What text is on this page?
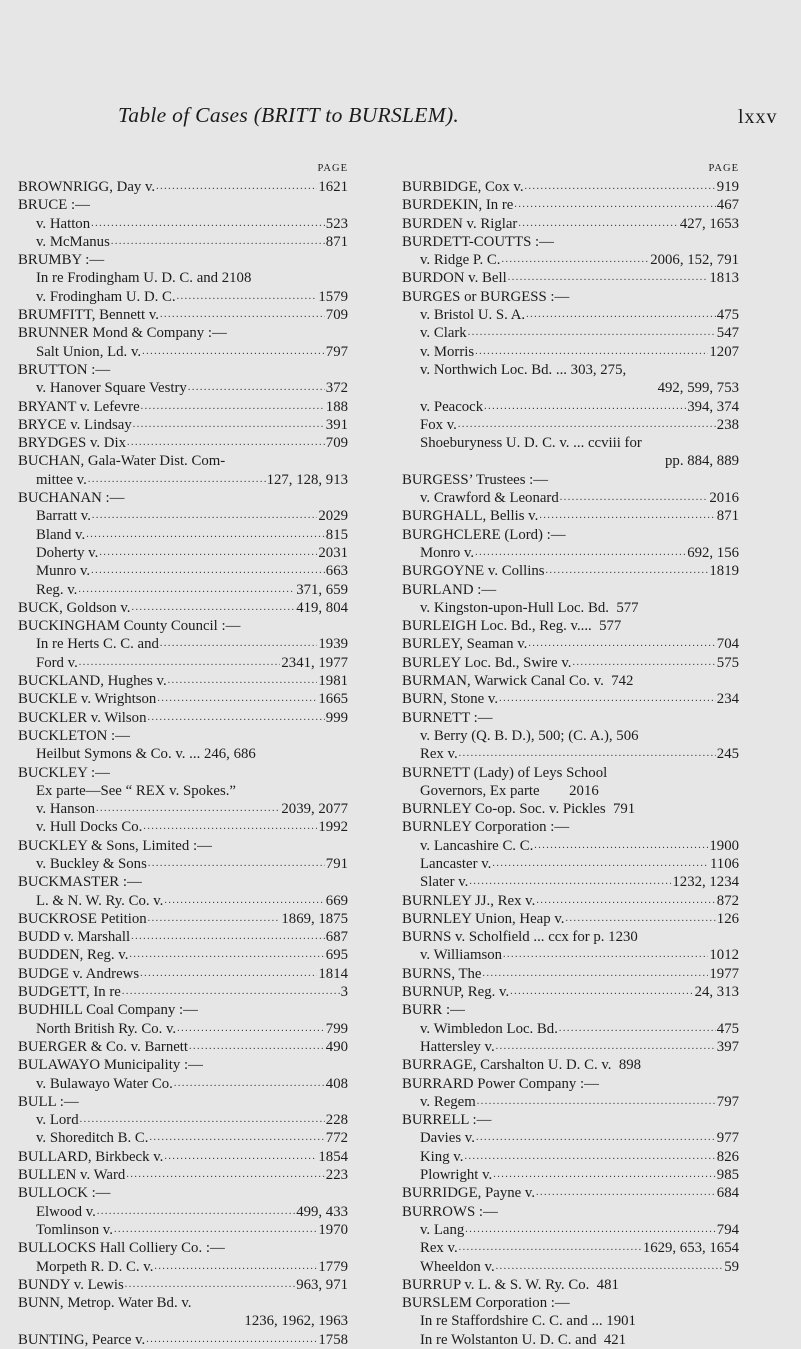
Table of Cases (BRITT to BURSLEM).	lxxv
PAGE
BROWNRIGG, Day v. .....	1621
BRUCE :—
v. Hatton .....	523
v. McManus .....	871
BRUMBY :—
In re Frodingham U. D. C. and 2108
v. Frodingham U. D. C. .....	1579
BRUMFITT, Bennett v. .....	709
BRUNNER Mond & Company :—
Salt Union, Ld. v. .....	797
BRUTTON :—
v. Hanover Square Vestry .....	372
BRYANT v. Lefevre .....	188
BRYCE v. Lindsay .....	391
BRYDGES v. Dix .....	709
BUCHAN, Gala-Water Dist. Com-
mittee v. .....	127, 128, 913
BUCHANAN :—
Barratt v. .....	2029
Bland v. .....	815
Doherty v. .....	2031
Munro v. .....	663
Reg. v. .....	371, 659
BUCK, Goldson v. .....	419, 804
BUCKINGHAM County Council :—
In re Herts C. C. and .....	1939
Ford v. .....	2341, 1977
BUCKLAND, Hughes v. .....	1981
BUCKLE v. Wrightson .....	1665
BUCKLER v. Wilson .....	999
BUCKLETON :—
Heilbut Symons & Co. v. ... 246, 686
BUCKLEY :—
Ex parte—See “ REX v. Spokes.”
v. Hanson .....	2039, 2077
v. Hull Docks Co. .....	1992
BUCKLEY & Sons, Limited :—
v. Buckley & Sons .....	791
BUCKMASTER :—
L. & N. W. Ry. Co. v. .....	669
BUCKROSE Petition .....	1869, 1875
BUDD v. Marshall .....	687
BUDDEN, Reg. v. .....	695
BUDGE v. Andrews .....	1814
BUDGETT, In re .....	3
BUDHILL Coal Company :—
North British Ry. Co. v. .....	799
BUERGER & Co. v. Barnett .....	490
BULAWAYO Municipality :—
v. Bulawayo Water Co. .....	408
BULL :—
v. Lord .....	228
v. Shoreditch B. C. .....	772
BULLARD, Birkbeck v. .....	1854
BULLEN v. Ward .....	223
BULLOCK :—
Elwood v. .....	499, 433
Tomlinson v. .....	1970
BULLOCKS Hall Colliery Co. :—
Morpeth R. D. C. v. .....	1779
BUNDY v. Lewis .....	963, 971
BUNN, Metrop. Water Bd. v.
1236, 1962, 1963
BUNTING, Pearce v. .....	1758
PAGE
BURBIDGE, Cox v. .....	919
BURDEKIN, In re .....	467
BURDEN v. Riglar .....	427, 1653
BURDETT-COUTTS :—
v. Ridge P. C. .....	2006, 152, 791
BURDON v. Bell .....	1813
BURGES or BURGESS :—
v. Bristol U. S. A. .....	475
v. Clark .....	547
v. Morris .....	1207
v. Northwich Loc. Bd. ... 303, 275,
492, 599, 753
v. Peacock .....	394, 374
Fox v. .....	238
Shoeburyness U. D. C. v. ... ccviii for
pp. 884, 889
BURGESS’ Trustees :—
v. Crawford & Leonard .....	2016
BURGHALL, Bellis v. .....	871
BURGHCLERE (Lord) :—
Monro v. .....	692, 156
BURGOYNE v. Collins .....	1819
BURLAND :—
v. Kingston-upon-Hull Loc. Bd.  577
BURLEIGH Loc. Bd., Reg. v....  577
BURLEY, Seaman v. .....	704
BURLEY Loc. Bd., Swire v. .....	575
BURMAN, Warwick Canal Co. v.  742
BURN, Stone v. .....	234
BURNETT :—
v. Berry (Q. B. D.), 500; (C. A.), 506
Rex v. .....	245
BURNETT (Lady) of Leys School
Governors, Ex parte        2016
BURNLEY Co-op. Soc. v. Pickles  791
BURNLEY Corporation :—
v. Lancashire C. C. .....	1900
Lancaster v. .....	1106
Slater v. .....	1232, 1234
BURNLEY JJ., Rex v. .....	872
BURNLEY Union, Heap v. .....	126
BURNS v. Scholfield ... ccx for p. 1230
v. Williamson .....	1012
BURNS, The .....	1977
BURNUP, Reg. v. .....	24, 313
BURR :—
v. Wimbledon Loc. Bd. .....	475
Hattersley v. .....	397
BURRAGE, Carshalton U. D. C. v.  898
BURRARD Power Company :—
v. Regem .....	797
BURRELL :—
Davies v. .....	977
King v. .....	826
Plowright v. .....	985
BURRIDGE, Payne v. .....	684
BURROWS :—
v. Lang .....	794
Rex v. .....	1629, 653, 1654
Wheeldon v. .....	59
BURRUP v. L. & S. W. Ry. Co.  481
BURSLEM Corporation :—
In re Staffordshire C. C. and ... 1901
In re Wolstanton U. D. C. and  421
